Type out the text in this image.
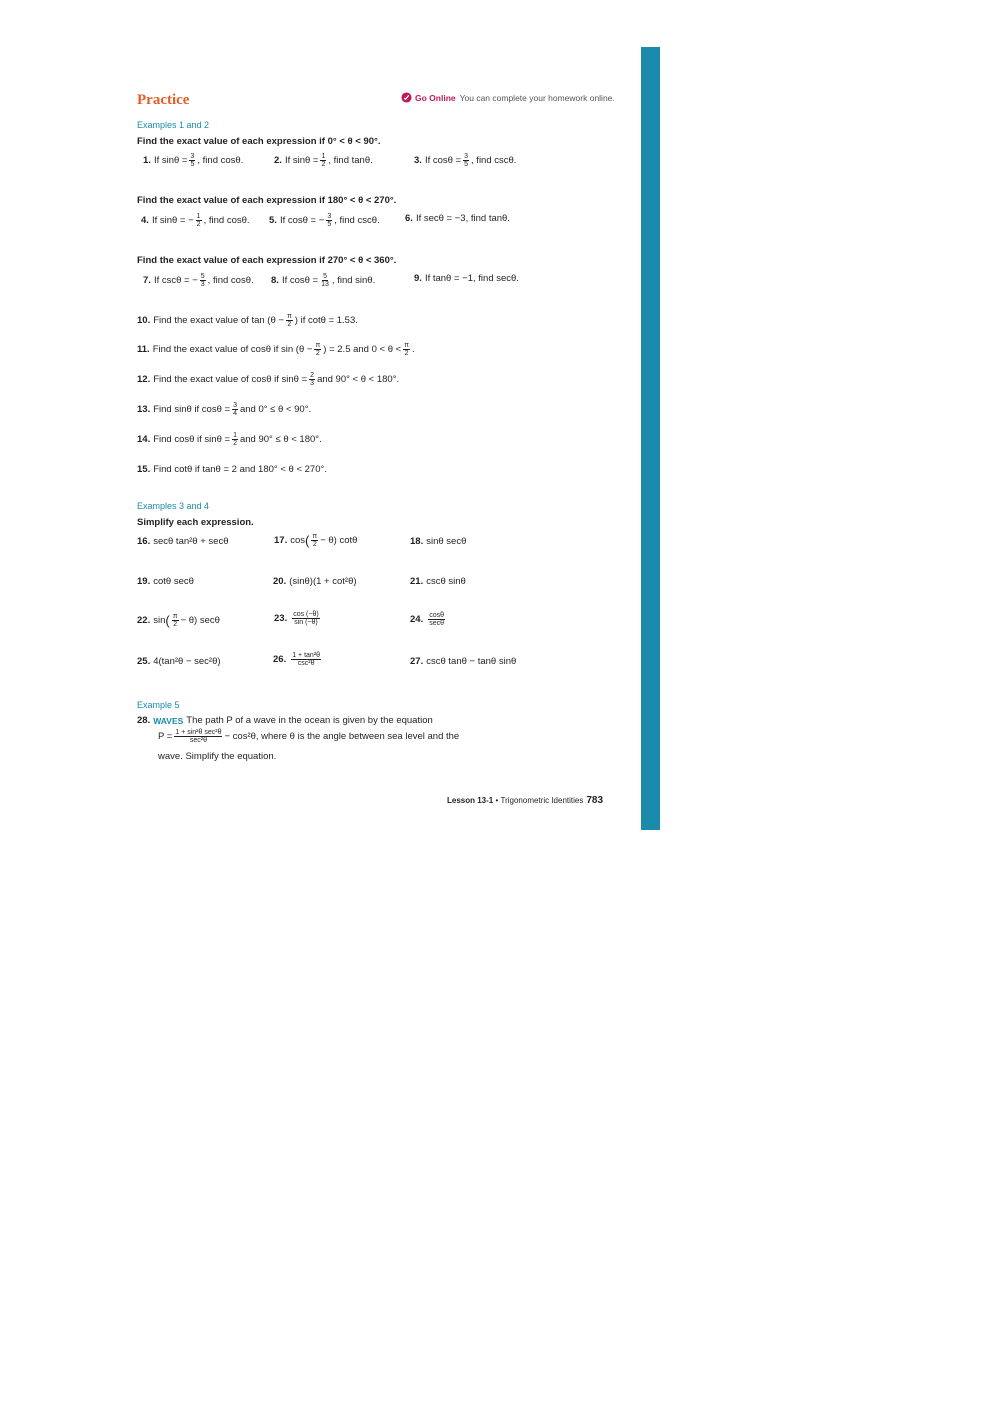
Practice	Go Online You can complete your homework online.
Examples 1 and 2
Find the exact value of each expression if 0° < θ < 90°.
1. If $\sin\theta = \frac{3}{5}$ , find cosθ.	2. If $\sin\theta = \frac{1}{2}$ , find tanθ.	3. If $\cos\theta = \frac{3}{5}$ , find cscθ.
Find the exact value of each expression if 180° < θ < 270°.
4. If sinθ = − $\frac{1}{2}$ , find cosθ. 5. If cosθ = − $\frac{3}{5}$ , find cscθ.	6. If secθ = −3, find tanθ.
Find the exact value of each expression if 270° < θ < 360°.
7. If cscθ = − $\frac{5}{3}$ , find cosθ. 8. If $\cos\theta = \frac{5}{13}$ , find sinθ.	9. If tanθ = −1, find secθ.
10. Find the exact value of $\tan (\theta - \frac{\pi}{2}$ ) if cotθ = 1.53.
11. Find the exact value of cosθ if $\sin (\theta - \frac{\pi}{2}$ ) = 2.5 and $0 < \theta < \frac{\pi}{2}$ .
12. Find the exact value of cosθ if $\sin\theta = \frac{2}{3}$ and 90° < θ < 180°.
13. Find sinθ if $\cos\theta = \frac{3}{4}$ and 0° ≤ θ < 90°.
14. Find cosθ if $\sin\theta = \frac{1}{2}$ and 90° ≤ θ < 180°.
15. Find cotθ if tanθ = 2 and 180° < θ < 270°.
Examples 3 and 4
Simplify each expression.
16. secθ tan²θ + secθ	17. cos ( $\frac{\pi}{2} - \theta$) cotθ	18. sinθ secθ
19. cotθ secθ	20. (sinθ)(1 + cot²θ)	21. cscθ sinθ
22. sin ( $\frac{\pi}{2} - \theta$) secθ	23. $\frac{\cos (-\theta)}{\sin (-\theta)}$	24. $\frac{\cos\theta}{\sec\theta}$
25. 4(tan²θ − sec²θ)	26. $\frac{\text{1 + tan²θ}}{\text{csc²θ}}$	27. cscθ tanθ − tanθ sinθ
Example 5
28. WAVES The path P of a wave in the ocean is given by the equation
$P = \frac{\text{1 + sin²θ sec²θ}}{\text{sec²θ}} - \cos^2\theta$, where θ is the angle between sea level and the
wave. Simplify the equation.
Lesson 13-1 • Trigonometric Identities 783
